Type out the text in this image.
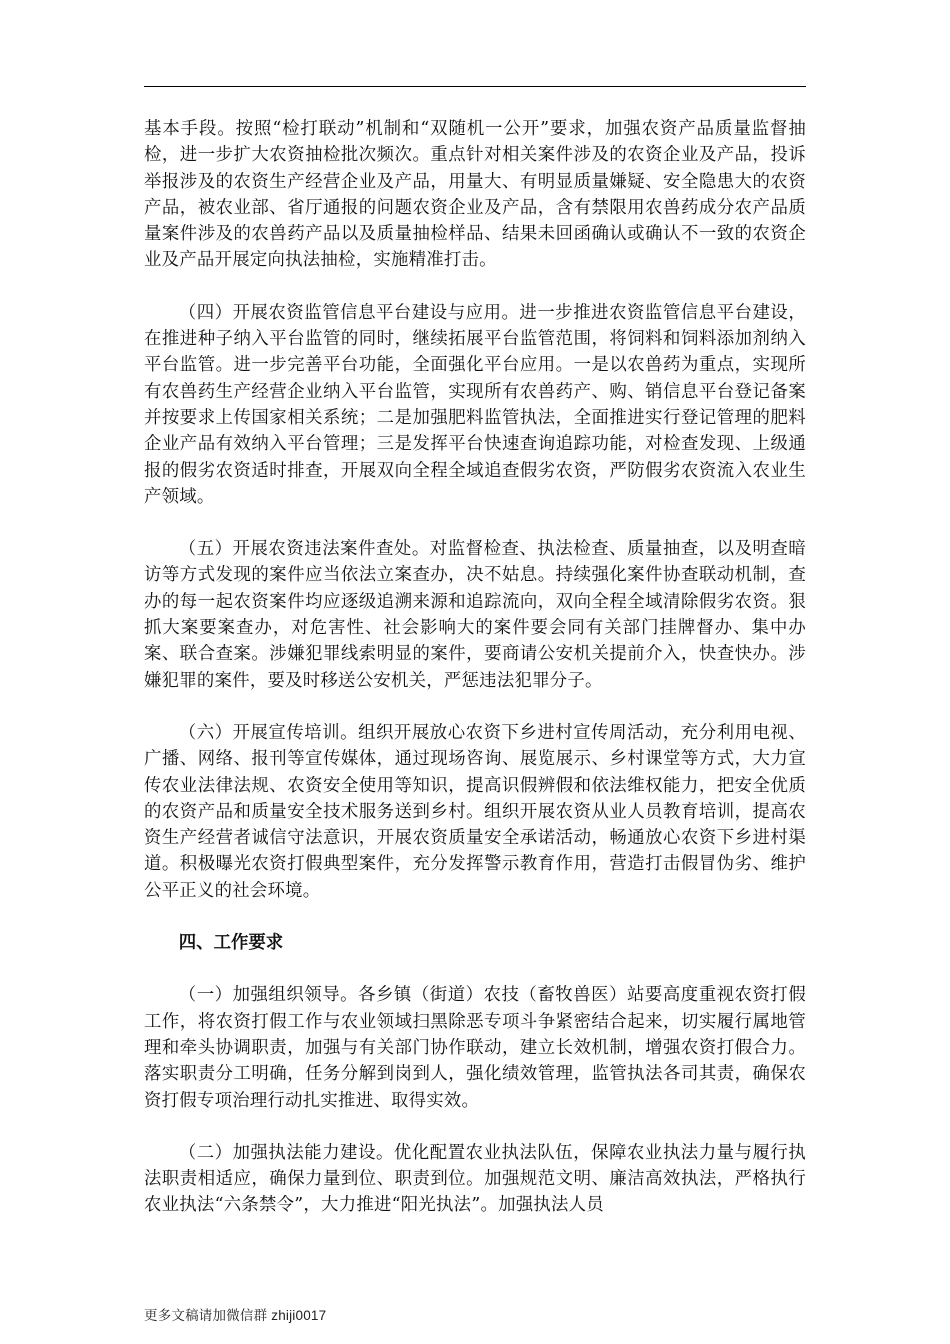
基本手段。按照“检打联动”机制和“双随机一公开”要求，加强农资产品质量监督抽检，进一步扩大农资抽检批次频次。重点针对相关案件涉及的农资企业及产品，投诉举报涉及的农资生产经营企业及产品，用量大、有明显质量嫌疑、安全隐患大的农资产品，被农业部、省厅通报的问题农资企业及产品，含有禁限用农兽药成分农产品质量案件涉及的农兽药产品以及质量抽检样品、结果未回函确认或确认不一致的农资企业及产品开展定向执法抽检，实施精准打击。

（四）开展农资监管信息平台建设与应用。进一步推进农资监管信息平台建设，在推进种子纳入平台监管的同时，继续拓展平台监管范围，将饲料和饲料添加剂纳入平台监管。进一步完善平台功能，全面强化平台应用。一是以农兽药为重点，实现所有农兽药生产经营企业纳入平台监管，实现所有农兽药产、购、销信息平台登记备案并按要求上传国家相关系统；二是加强肥料监管执法，全面推进实行登记管理的肥料企业产品有效纳入平台管理；三是发挥平台快速查询追踪功能，对检查发现、上级通报的假劣农资适时排查，开展双向全程全域追查假劣农资，严防假劣农资流入农业生产领域。

（五）开展农资违法案件查处。对监督检查、执法检查、质量抽查，以及明查暗访等方式发现的案件应当依法立案查办，决不姑息。持续强化案件协查联动机制，查办的每一起农资案件均应逐级追溯来源和追踪流向，双向全程全域清除假劣农资。狠抓大案要案查办，对危害性、社会影响大的案件要会同有关部门挂牌督办、集中办案、联合查案。涉嫌犯罪线索明显的案件，要商请公安机关提前介入，快查快办。涉嫌犯罪的案件，要及时移送公安机关，严惩违法犯罪分子。

（六）开展宣传培训。组织开展放心农资下乡进村宣传周活动，充分利用电视、广播、网络、报刊等宣传媒体，通过现场咨询、展览展示、乡村课堂等方式，大力宣传农业法律法规、农资安全使用等知识，提高识假辨假和依法维权能力，把安全优质的农资产品和质量安全技术服务送到乡村。组织开展农资从业人员教育培训，提高农资生产经营者诚信守法意识，开展农资质量安全承诺活动，畅通放心农资下乡进村渠道。积极曝光农资打假典型案件，充分发挥警示教育作用，营造打击假冒伪劣、维护公平正义的社会环境。

四、工作要求

（一）加强组织领导。各乡镇（街道）农技（畜牧兽医）站要高度重视农资打假工作，将农资打假工作与农业领域扫黑除恶专项斗争紧密结合起来，切实履行属地管理和牵头协调职责，加强与有关部门协作联动，建立长效机制，增强农资打假合力。落实职责分工明确，任务分解到岗到人，强化绩效管理，监管执法各司其责，确保农资打假专项治理行动扎实推进、取得实效。

（二）加强执法能力建设。优化配置农业执法队伍，保障农业执法力量与履行执法职责相适应，确保力量到位、职责到位。加强规范文明、廉洁高效执法，严格执行农业执法“六条禁令”，大力推进“阳光执法”。加强执法人员

更多文稿请加微信群 zhiji0017
